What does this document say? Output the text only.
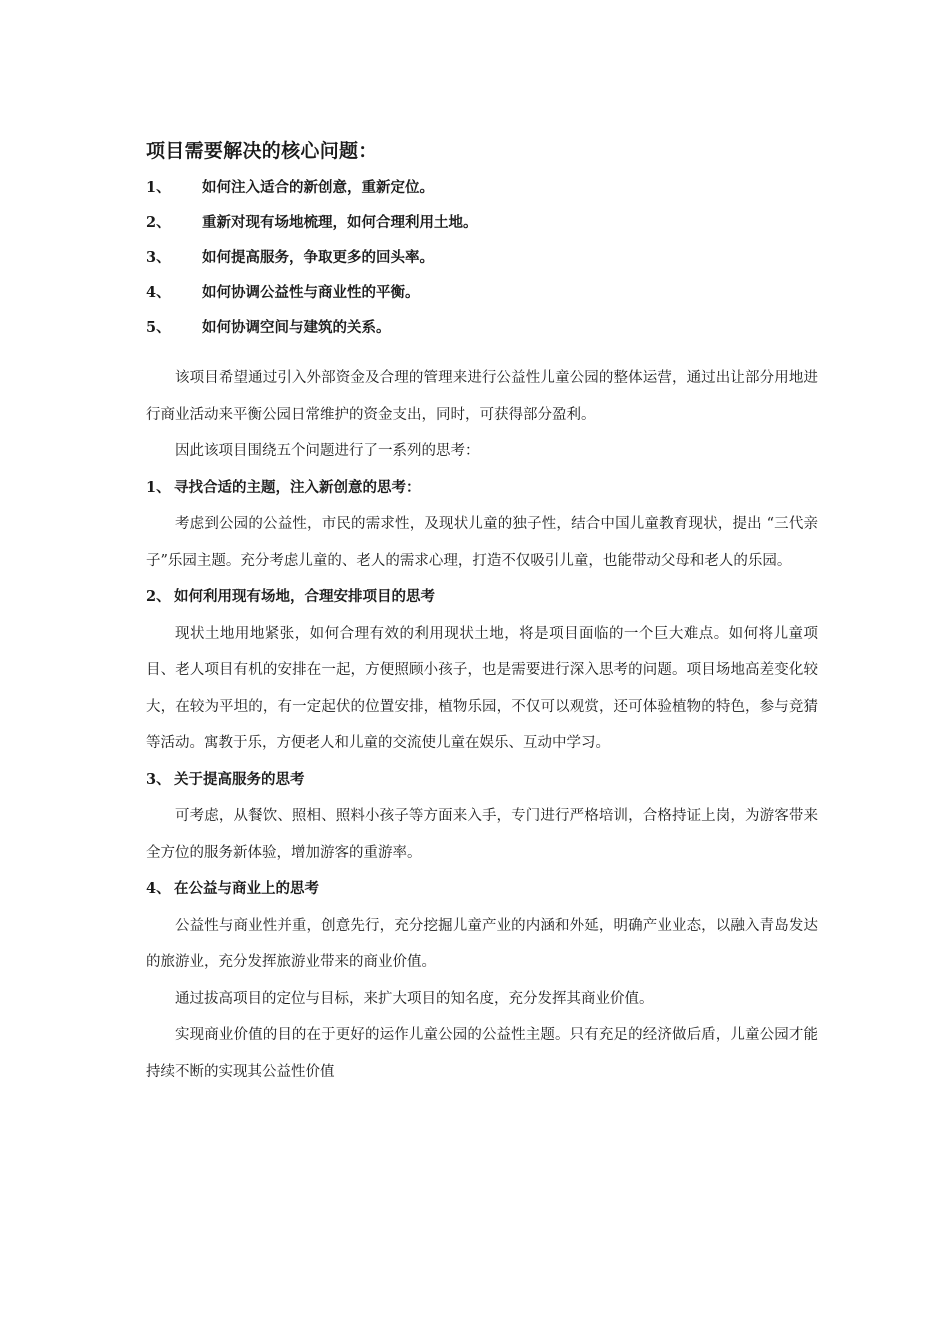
项目需要解决的核心问题：
1、	如何注入适合的新创意，重新定位。
2、	重新对现有场地梳理，如何合理利用土地。
3、	如何提高服务，争取更多的回头率。
4、	如何协调公益性与商业性的平衡。
5、	如何协调空间与建筑的关系。

该项目希望通过引入外部资金及合理的管理来进行公益性儿童公园的整体运营，通过出让部分用地进行商业活动来平衡公园日常维护的资金支出，同时，可获得部分盈利。

因此该项目围绕五个问题进行了一系列的思考：

1、 寻找合适的主题，注入新创意的思考：

考虑到公园的公益性，市民的需求性，及现状儿童的独子性，结合中国儿童教育现状，提出 “三代亲子”乐园主题。充分考虑儿童的、老人的需求心理，打造不仅吸引儿童，也能带动父母和老人的乐园。

2、 如何利用现有场地，合理安排项目的思考

现状土地用地紧张，如何合理有效的利用现状土地，将是项目面临的一个巨大难点。如何将儿童项目、老人项目有机的安排在一起，方便照顾小孩子，也是需要进行深入思考的问题。项目场地高差变化较大，在较为平坦的，有一定起伏的位置安排，植物乐园，不仅可以观赏，还可体验植物的特色，参与竞猜等活动。寓教于乐，方便老人和儿童的交流使儿童在娱乐、互动中学习。

3、 关于提高服务的思考

可考虑，从餐饮、照相、照料小孩子等方面来入手，专门进行严格培训，合格持证上岗，为游客带来全方位的服务新体验，增加游客的重游率。

4、 在公益与商业上的思考

公益性与商业性并重，创意先行，充分挖掘儿童产业的内涵和外延，明确产业业态，以融入青岛发达的旅游业，充分发挥旅游业带来的商业价值。

通过拔高项目的定位与目标，来扩大项目的知名度，充分发挥其商业价值。

实现商业价值的目的在于更好的运作儿童公园的公益性主题。只有充足的经济做后盾，儿童公园才能持续不断的实现其公益性价值
